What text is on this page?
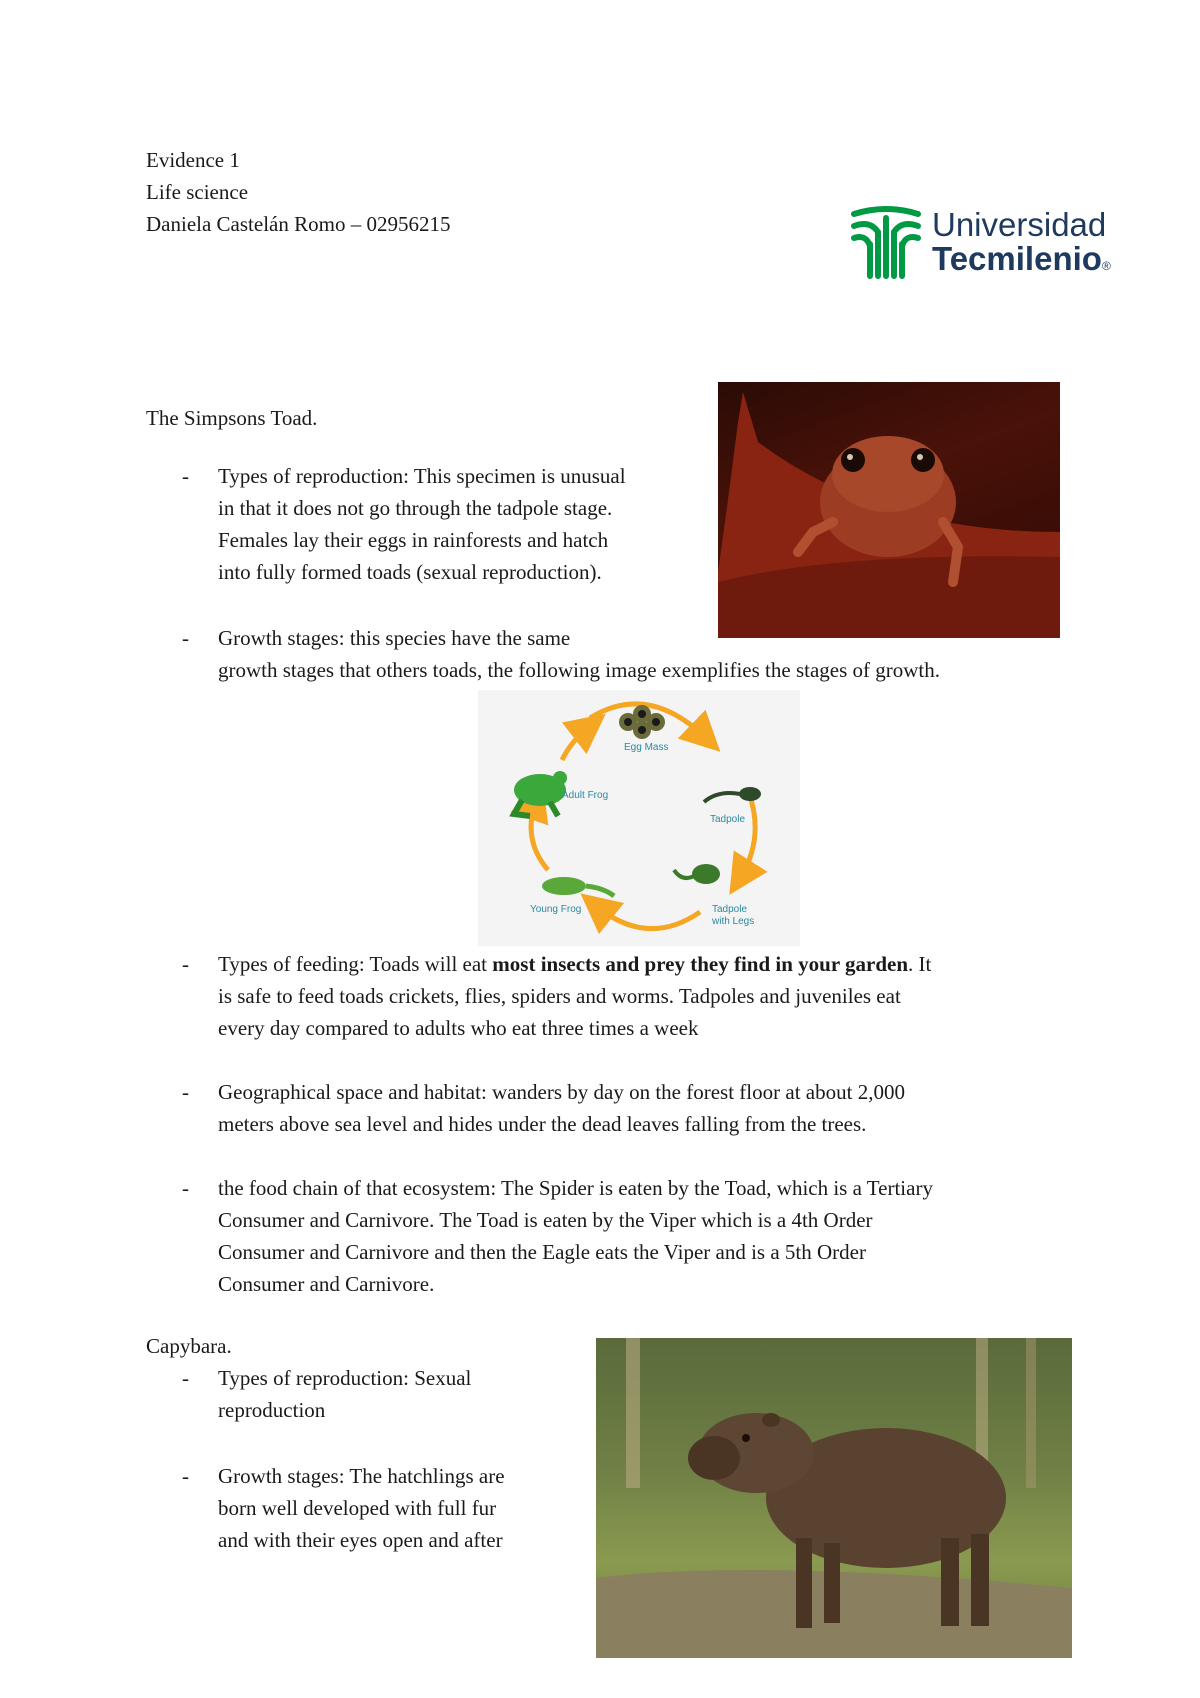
Evidence 1
Life science
Daniela Castelán Romo – 02956215	Universidad
Tecmilenio®
The Simpsons Toad.
- Types of reproduction: This specimen is unusual
in that it does not go through the tadpole stage.
Females lay their eggs in rainforests and hatch
into fully formed toads (sexual reproduction).
- Growth stages: this species have the same
growth stages that others toads, the following image exemplifies the stages of growth.
Egg Mass
Tadpole
Tadpole
with Legs
Young Frog
Adult Frog
- Types of feeding: Toads will eat most insects and prey they find in your garden. It
is safe to feed toads crickets, flies, spiders and worms. Tadpoles and juveniles eat
every day compared to adults who eat three times a week
- Geographical space and habitat: wanders by day on the forest floor at about 2,000
meters above sea level and hides under the dead leaves falling from the trees.
- the food chain of that ecosystem: The Spider is eaten by the Toad, which is a Tertiary
Consumer and Carnivore. The Toad is eaten by the Viper which is a 4th Order
Consumer and Carnivore and then the Eagle eats the Viper and is a 5th Order
Consumer and Carnivore.
Capybara.
- Types of reproduction: Sexual
reproduction
- Growth stages: The hatchlings are
born well developed with full fur
and with their eyes open and after
